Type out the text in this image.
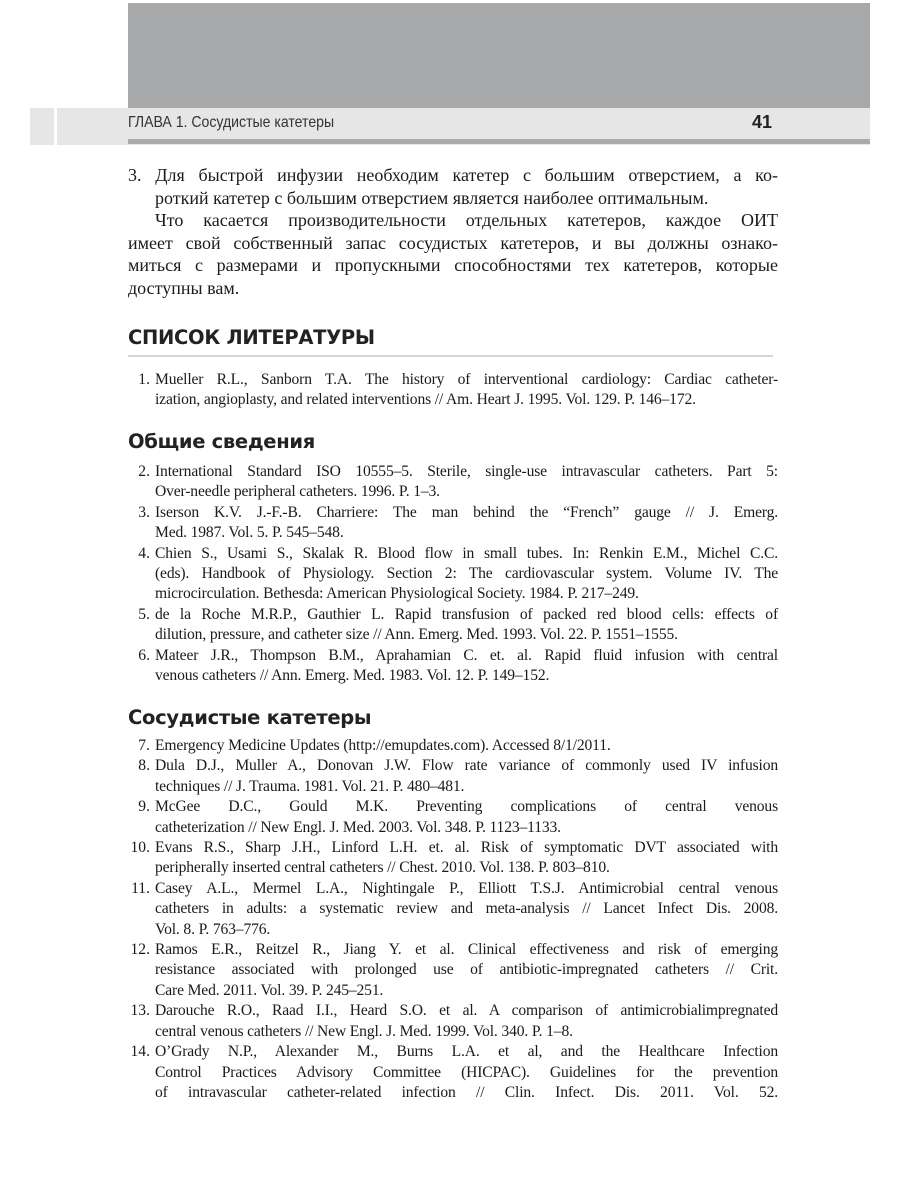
ГЛАВА 1. Сосудистые катетеры	41
3. Для быстрой инфузии необходим катетер с большим отверстием, а ко-
роткий катетер с большим отверстием является наиболее оптимальным.
Что касается производительности отдельных катетеров, каждое ОИТ
имеет свой собственный запас сосудистых катетеров, и вы должны ознако-
миться с размерами и пропускными способностями тех катетеров, которые
доступны вам.
СПИСОК ЛИТЕРАТУРЫ
1. Mueller R.L., Sanborn T.A. The history of interventional cardiology: Cardiac catheter-
ization, angioplasty, and related interventions // Am. Heart J. 1995. Vol. 129. P. 146–172.
Общие сведения
2. International Standard ISO 10555–5. Sterile, single-use intravascular catheters. Part 5:
Over-needle peripheral catheters. 1996. P. 1–3.
3. Iserson K.V. J.-F.-B. Charriere: The man behind the “French” gauge // J. Emerg.
Med. 1987. Vol. 5. P. 545–548.
4. Chien S., Usami S., Skalak R. Blood flow in small tubes. In: Renkin E.M., Michel C.C.
(eds). Handbook of Physiology. Section 2: The cardiovascular system. Volume IV. The
microcirculation. Bethesda: American Physiological Society. 1984. P. 217–249.
5. de la Roche M.R.P., Gauthier L. Rapid transfusion of packed red blood cells: effects of
dilution, pressure, and catheter size // Ann. Emerg. Med. 1993. Vol. 22. P. 1551–1555.
6. Mateer J.R., Thompson B.M., Aprahamian C. et. al. Rapid fluid infusion with central
venous catheters // Ann. Emerg. Med. 1983. Vol. 12. P. 149–152.
Сосудистые катетеры
7. Emergency Medicine Updates (http://emupdates.com). Accessed 8/1/2011.
8. Dula D.J., Muller A., Donovan J.W. Flow rate variance of commonly used IV infusion
techniques // J. Trauma. 1981. Vol. 21. P. 480–481.
9. McGee D.C., Gould M.K. Preventing complications of central venous
catheterization // New Engl. J. Med. 2003. Vol. 348. P. 1123–1133.
10. Evans R.S., Sharp J.H., Linford L.H. et. al. Risk of symptomatic DVT associated with
peripherally inserted central catheters // Chest. 2010. Vol. 138. P. 803–810.
11. Casey A.L., Mermel L.A., Nightingale P., Elliott T.S.J. Antimicrobial central venous
catheters in adults: a systematic review and meta-analysis // Lancet Infect Dis. 2008.
Vol. 8. P. 763–776.
12. Ramos E.R., Reitzel R., Jiang Y. et al. Clinical effectiveness and risk of emerging
resistance associated with prolonged use of antibiotic-impregnated catheters // Crit.
Care Med. 2011. Vol. 39. P. 245–251.
13. Darouche R.O., Raad I.I., Heard S.O. et al. A comparison of antimicrobialimpregnated
central venous catheters // New Engl. J. Med. 1999. Vol. 340. P. 1–8.
14. O’Grady N.P., Alexander M., Burns L.A. et al, and the Healthcare Infection
Control Practices Advisory Committee (HICPAC). Guidelines for the prevention
of intravascular catheter-related infection // Clin. Infect. Dis. 2011. Vol. 52.
